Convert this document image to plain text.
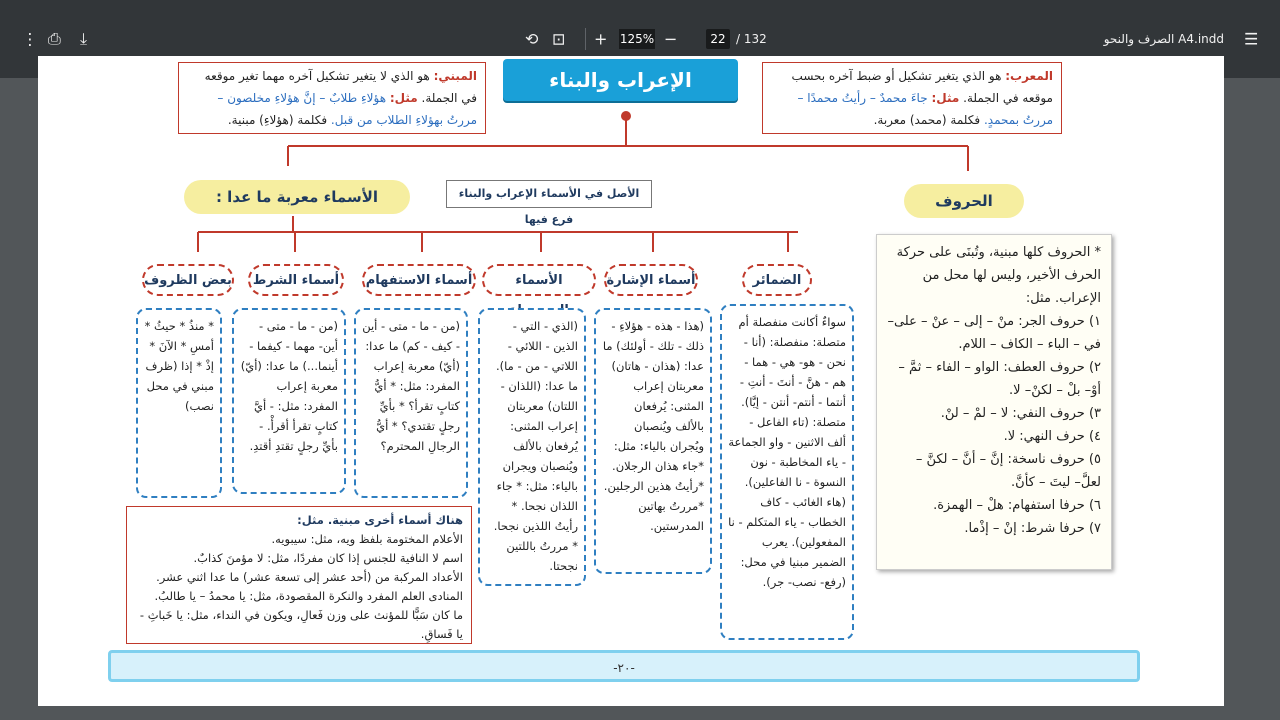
☰
الصرف والنحو A4.indd
22 / 132
−
125%
+
⊡
⟲
⤓
⎙
⋮
الإعراب والبناء
المبني: هو الذي لا يتغير تشكيل آخره مهما تغير موقعه في الجملة. مثل: هؤلاءِ طلابٌ – إنَّ هؤلاءِ مخلصون – مررتُ بهؤلاءِ الطلاب من قبل. فكلمة (هؤلاءِ) مبنية.
المعرب: هو الذي يتغير تشكيل أو ضبط آخره بحسب موقعه في الجملة. مثل: جاءَ محمدٌ – رأيتُ محمدًا – مررتُ بمحمدٍ. فكلمة (محمد) معربة.
الأسماء معربة ما عدا :	الأصل في الأسماء الإعراب والبناء فرع فيها
الحروف
* الحروف كلها مبنية، وتُبنَى على حركة الحرف الأخير، وليس لها محل من الإعراب. مثل:
١) حروف الجر: منْ – إلى – عنْ – على– في – الباء – الكاف – اللام.
٢) حروف العطف: الواو – الفاء – ثمَّ – أوْ– بلْ – لكنْ– لا.
٣) حروف النفي: لا – لمْ – لنْ.
٤) حرف النهي: لا.
٥) حروف ناسخة: إنَّ – أنَّ – لكنَّ – لعلَّ– ليتَ – كأنَّ.
٦) حرفا استفهام: هلْ – الهمزة.
٧) حرفا شرط: إنْ – إذْما.
الضمائر
أسماء الإشارة
الأسماء
أسماء الاستفهام
أسماء الشرط
بعض الظروف
سواءٌ أكانت منفصلة أم متصلة: منفصلة: (أنا - نحن - هو- هي - هما - هم - هنَّ - أنتَ - أنتِ - أنتما - أنتم- أنتن - إيَّا). متصلة: (تاء الفاعل - ألف الاثنين - واو الجماعة - ياء المخاطبة - نون النسوة - نا الفاعلين). (هاء الغائب - كاف الخطاب - ياء المتكلم - نا المفعولين). يعرب الضمير مبنيا في محل: (رفع- نصب- جر).
(هذا - هذه - هؤلاءِ - ذلك - تلك - أولئك) ما عدا: (هذان - هاتان) معربتان إعراب المثنى: يُرفعان بالألف ويُنصبان ويُجران بالياء: مثل: *جاء هذان الرجلان. *رأيتُ هذين الرجلين. *مررتُ بهاتين المدرستين.
(الذي - التي - الذين - اللائي - اللاتي - من - ما). ما عدا: (اللذان - اللتان) معربتان إعراب المثنى: يُرفعان بالألف ويُنصبان ويجران بالياء: مثل: * جاء اللذان نجحا. * رأيتُ اللذين نجحا. * مررتُ باللتين نجحتا.
(من - ما - متى - أين - كيف - كم) ما عدا: (أيّ) معربة إعراب المفرد: مثل: * أيُّ كتابٍ تقرأ؟ * بأيِّ رجلٍ تقتدي؟ * أيُّ الرجالِ المحترم؟
(من - ما - متى - أين- مهما - كيفما - أينما...) ما عدا: (أيّ) معربة إعراب المفرد: مثل: - أيَّ كتابٍ تقرأ أقرأْ. - بأيِّ رجلٍ تقتدِ أقتدِ.
* منذُ * حيثُ * أمسِ * الآنَ * إذْ * إذا (ظرف مبني في محل نصب)
هناك أسماء أخرى مبنية. مثل:
الأعلام المختومة بلفظ ويه، مثل: سيبويه.
اسم لا النافية للجنس إذا كان مفردًا، مثل: لا مؤمنَ كذابٌ.
الأعداد المركبة من (أحد عشر إلى تسعة عشر) ما عدا اثني عشر.
المنادى العلم المفرد والنكرة المقصودة، مثل: يا محمدُ – يا طالبُ.
ما كان سَبًّا للمؤنث على وزن فَعالِ، ويكون في النداء، مثل: يا خَباثِ - يا فَساقِ.
-٢٠-
